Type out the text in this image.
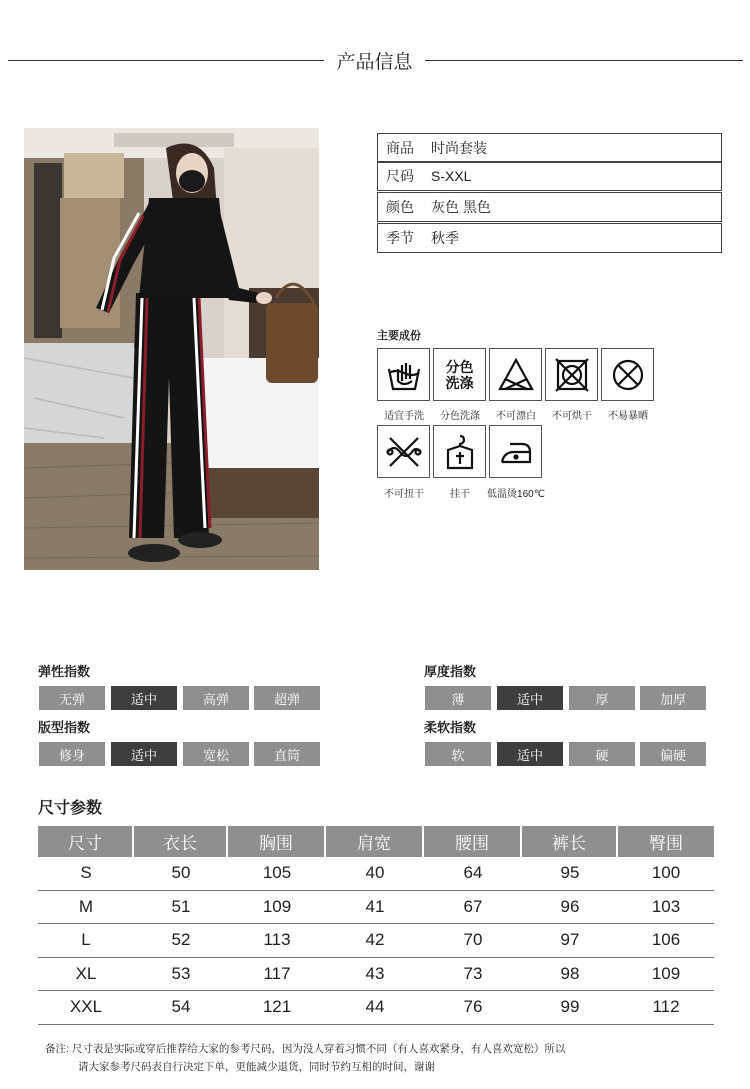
产品信息
商品	时尚套装
尺码	S-XXL
颜色	灰色 黑色
季节	秋季
主要成份
分色
洗涤
适宜手洗	分色洗涤	不可漂白	不可烘干	不易暴晒
不可扭干	挂干	低温烫160℃
弹性指数
无弹	适中	高弹	超弹
版型指数
修身	适中	宽松	直筒
厚度指数
薄	适中	厚	加厚
柔软指数
软	适中	硬	偏硬
尺寸参数
尺寸	衣长	胸围	肩宽	腰围	裤长	臀围
S	50	105	40	64	95	100
M	51	109	41	67	96	103
L	52	113	42	70	97	106
XL	53	117	43	73	98	109
XXL	54	121	44	76	99	112
备注: 尺寸表是实际或穿后推荐给大家的参考尺码，因为没人穿着习惯不同（有人喜欢紧身，有人喜欢宽松）所以
请大家参考尺码表自行决定下单，更能减少退货，同时节约互相的时间，谢谢
